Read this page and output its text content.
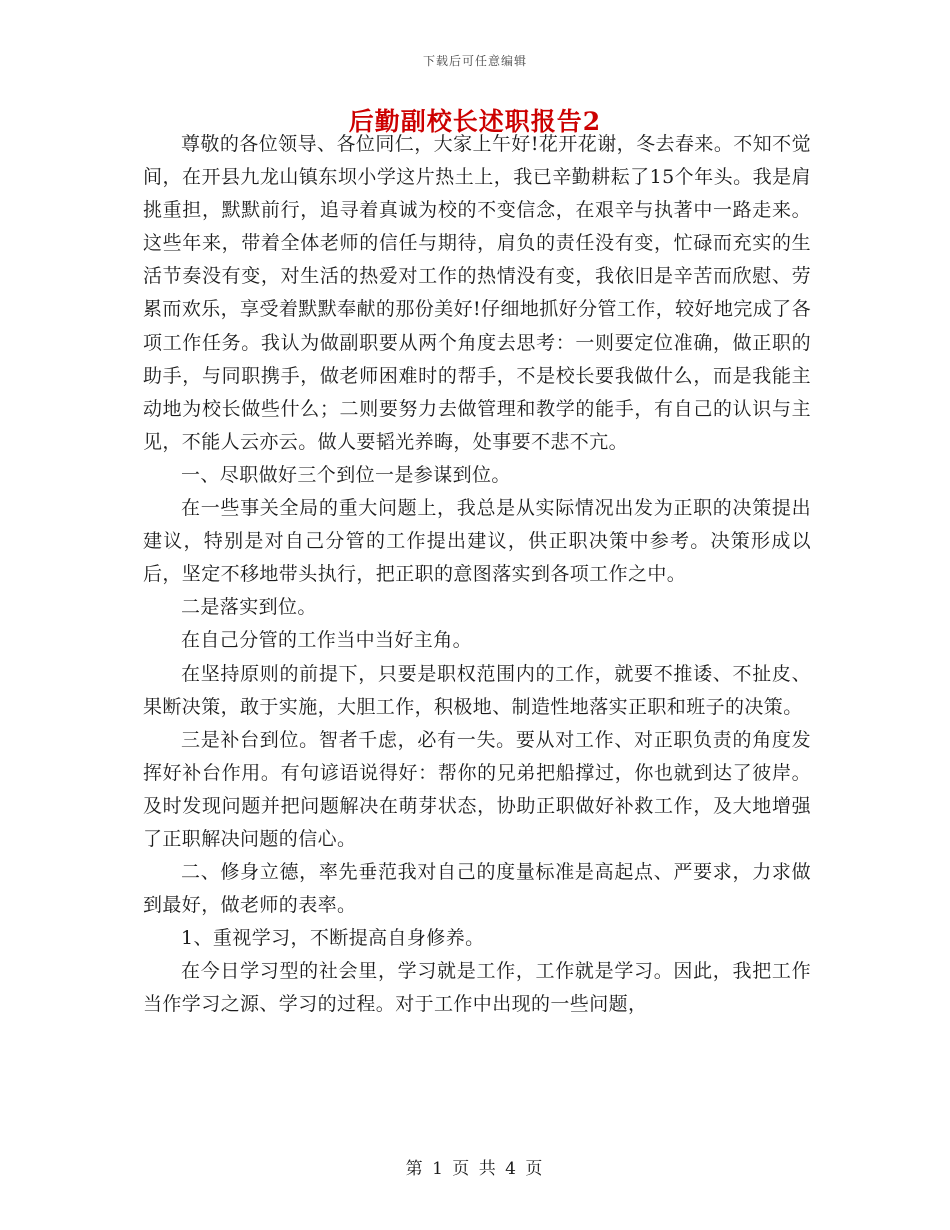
下载后可任意编辑
后勤副校长述职报告2

尊敬的各位领导、各位同仁，大家上午好!花开花谢，冬去春来。不知不觉间，在开县九龙山镇东坝小学这片热土上，我已辛勤耕耘了15个年头。我是肩挑重担，默默前行，追寻着真诚为校的不变信念，在艰辛与执著中一路走来。这些年来，带着全体老师的信任与期待，肩负的责任没有变，忙碌而充实的生活节奏没有变，对生活的热爱对工作的热情没有变，我依旧是辛苦而欣慰、劳累而欢乐，享受着默默奉献的那份美好!仔细地抓好分管工作，较好地完成了各项工作任务。我认为做副职要从两个角度去思考：一则要定位准确，做正职的助手，与同职携手，做老师困难时的帮手，不是校长要我做什么，而是我能主动地为校长做些什么；二则要努力去做管理和教学的能手，有自己的认识与主见，不能人云亦云。做人要韬光养晦，处事要不悲不亢。

一、尽职做好三个到位一是参谋到位。

在一些事关全局的重大问题上，我总是从实际情况出发为正职的决策提出建议，特别是对自己分管的工作提出建议，供正职决策中参考。决策形成以后，坚定不移地带头执行，把正职的意图落实到各项工作之中。

二是落实到位。

在自己分管的工作当中当好主角。

在坚持原则的前提下，只要是职权范围内的工作，就要不推诿、不扯皮、果断决策，敢于实施，大胆工作，积极地、制造性地落实正职和班子的决策。

三是补台到位。智者千虑，必有一失。要从对工作、对正职负责的角度发挥好补台作用。有句谚语说得好：帮你的兄弟把船撑过，你也就到达了彼岸。及时发现问题并把问题解决在萌芽状态，协助正职做好补救工作，及大地增强了正职解决问题的信心。

二、修身立德，率先垂范我对自己的度量标准是高起点、严要求，力求做到最好，做老师的表率。

1、重视学习，不断提高自身修养。

在今日学习型的社会里，学习就是工作，工作就是学习。因此，我把工作当作学习之源、学习的过程。对于工作中出现的一些问题，

第 1 页 共 4 页
